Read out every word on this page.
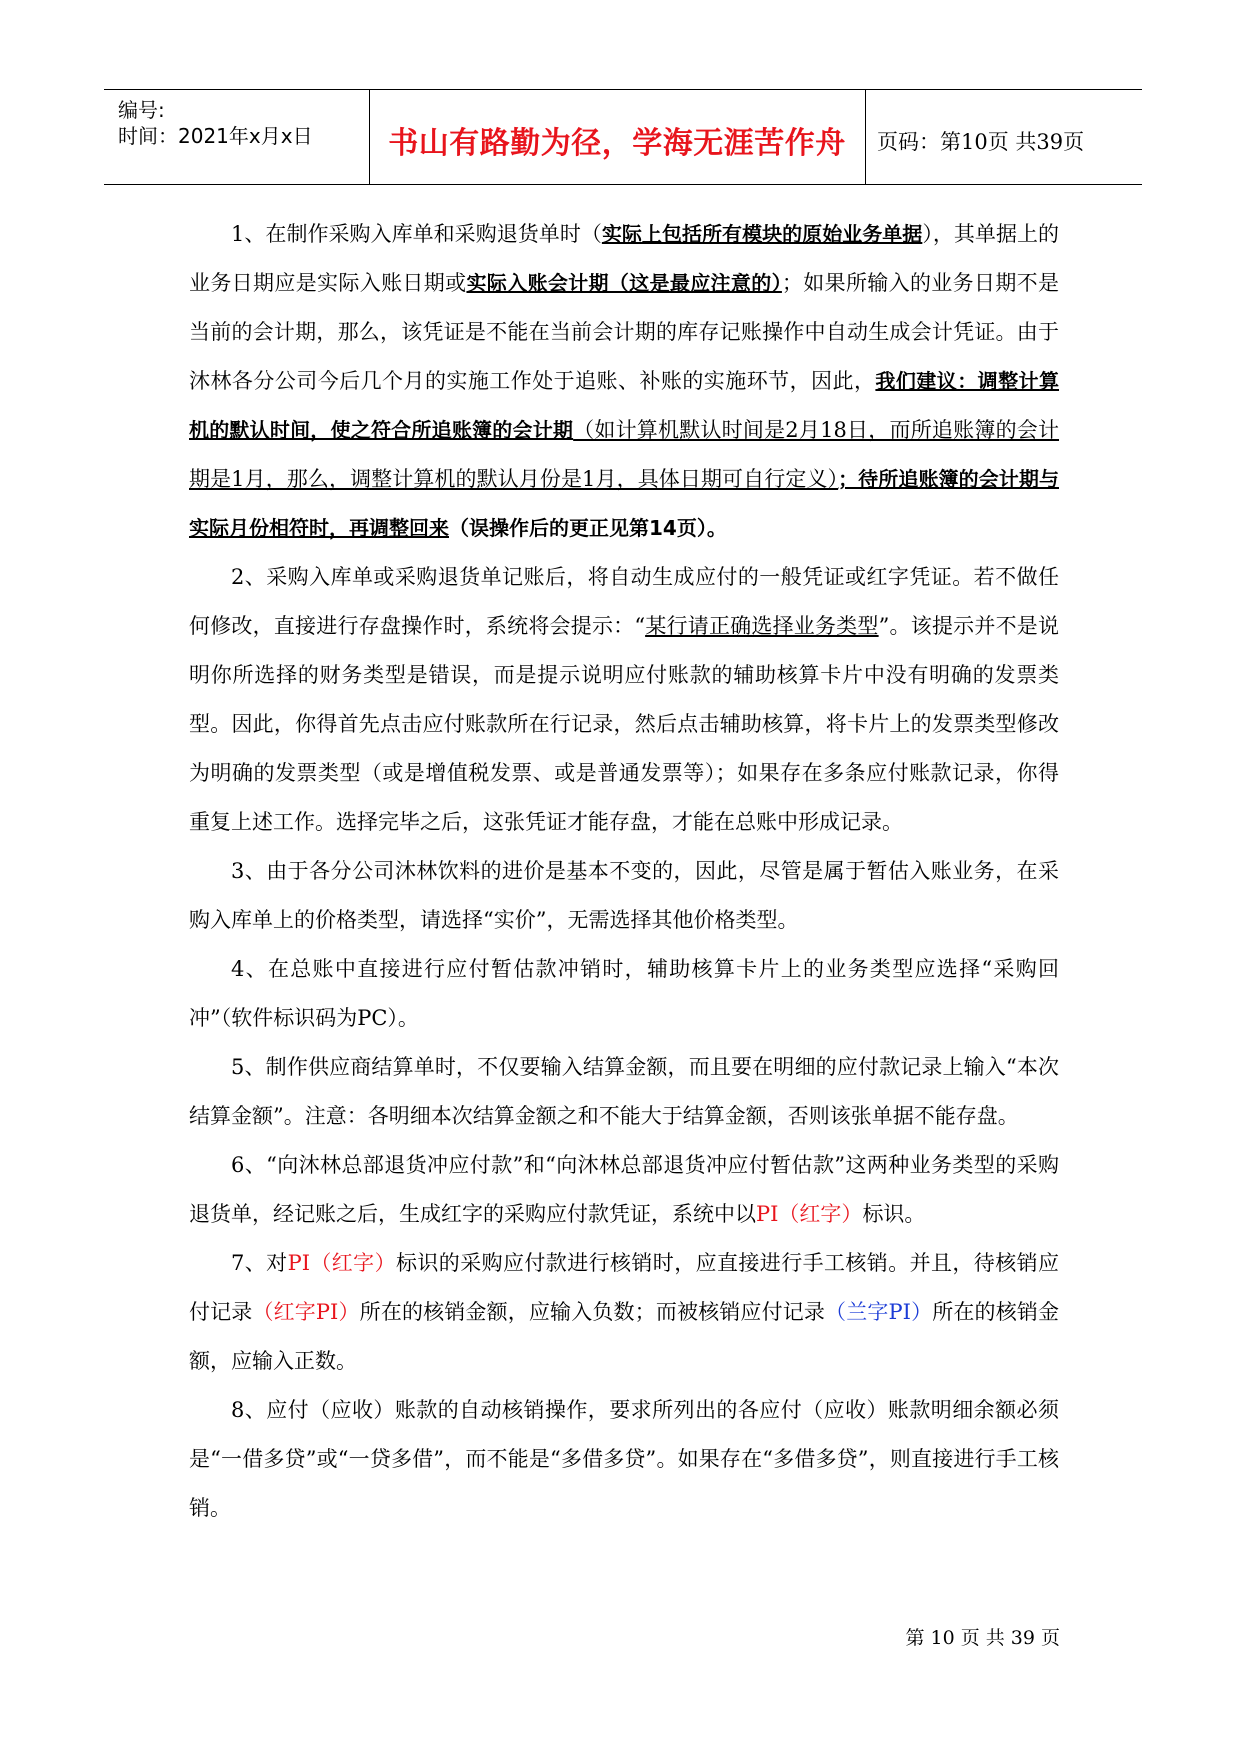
编号:
时间：2021年x月x日	书山有路勤为径，学海无涯苦作舟	页码：第10页 共39页

1、在制作采购入库单和采购退货单时（实际上包括所有模块的原始业务单据），其单据上的业务日期应是实际入账日期或实际入账会计期（这是最应注意的）；如果所输入的业务日期不是当前的会计期，那么，该凭证是不能在当前会计期的库存记账操作中自动生成会计凭证。由于沐林各分公司今后几个月的实施工作处于追账、补账的实施环节，因此，我们建议：调整计算机的默认时间，使之符合所追账簿的会计期（如计算机默认时间是2月18日，而所追账簿的会计期是1月，那么，调整计算机的默认月份是1月，具体日期可自行定义）；待所追账簿的会计期与实际月份相符时，再调整回来（误操作后的更正见第14页）。

2、采购入库单或采购退货单记账后，将自动生成应付的一般凭证或红字凭证。若不做任何修改，直接进行存盘操作时，系统将会提示：“某行请正确选择业务类型”。该提示并不是说明你所选择的财务类型是错误，而是提示说明应付账款的辅助核算卡片中没有明确的发票类型。因此，你得首先点击应付账款所在行记录，然后点击辅助核算，将卡片上的发票类型修改为明确的发票类型（或是增值税发票、或是普通发票等）；如果存在多条应付账款记录，你得重复上述工作。选择完毕之后，这张凭证才能存盘，才能在总账中形成记录。

3、由于各分公司沐林饮料的进价是基本不变的，因此，尽管是属于暂估入账业务，在采购入库单上的价格类型，请选择“实价”，无需选择其他价格类型。

4、在总账中直接进行应付暂估款冲销时，辅助核算卡片上的业务类型应选择“采购回冲”（软件标识码为PC）。

5、制作供应商结算单时，不仅要输入结算金额，而且要在明细的应付款记录上输入“本次结算金额”。注意：各明细本次结算金额之和不能大于结算金额，否则该张单据不能存盘。

6、“向沐林总部退货冲应付款”和“向沐林总部退货冲应付暂估款”这两种业务类型的采购退货单，经记账之后，生成红字的采购应付款凭证，系统中以PI（红字）标识。

7、对PI（红字）标识的采购应付款进行核销时，应直接进行手工核销。并且，待核销应付记录（红字PI）所在的核销金额，应输入负数；而被核销应付记录（兰字PI）所在的核销金额，应输入正数。

8、应付（应收）账款的自动核销操作，要求所列出的各应付（应收）账款明细余额必须是“一借多贷”或“一贷多借”，而不能是“多借多贷”。如果存在“多借多贷”，则直接进行手工核销。

第 10 页 共 39 页
